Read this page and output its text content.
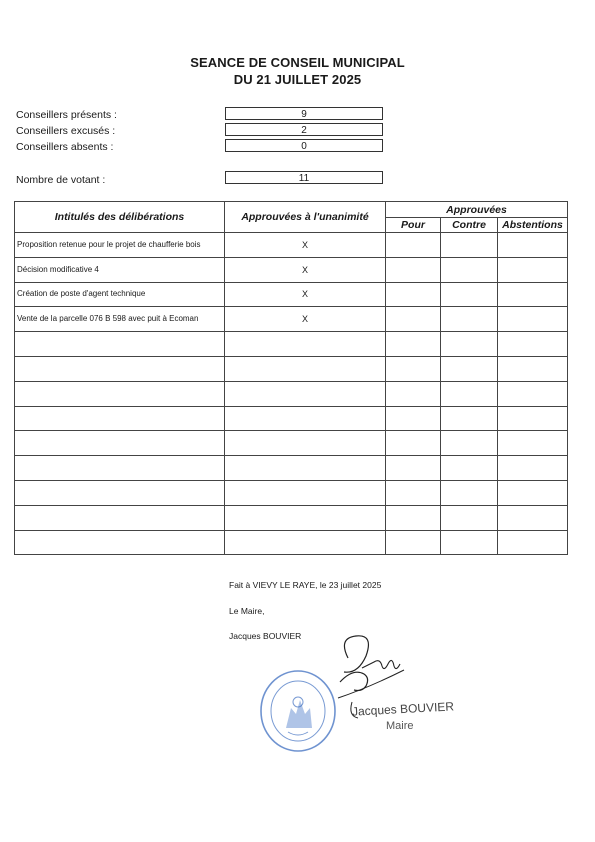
SEANCE DE CONSEIL MUNICIPAL
DU 21 JUILLET 2025
Conseillers présents :	9
Conseillers excusés :	2
Conseillers absents :	0
Nombre de votant :	11
Intitulés des délibérations	Approuvées à l'unanimité	Approuvées		
		Pour	Contre	Abstentions
Proposition retenue pour le projet de chaufferie bois	X			
Décision modificative 4	X			
Création de poste d'agent technique	X			
Vente de la parcelle 076 B 598 avec puit à Ecoman	X			

Fait à VIEVY LE RAYE, le 23 juillet 2025
Le Maire,
Jacques BOUVIER
Jacques BOUVIER
Maire
